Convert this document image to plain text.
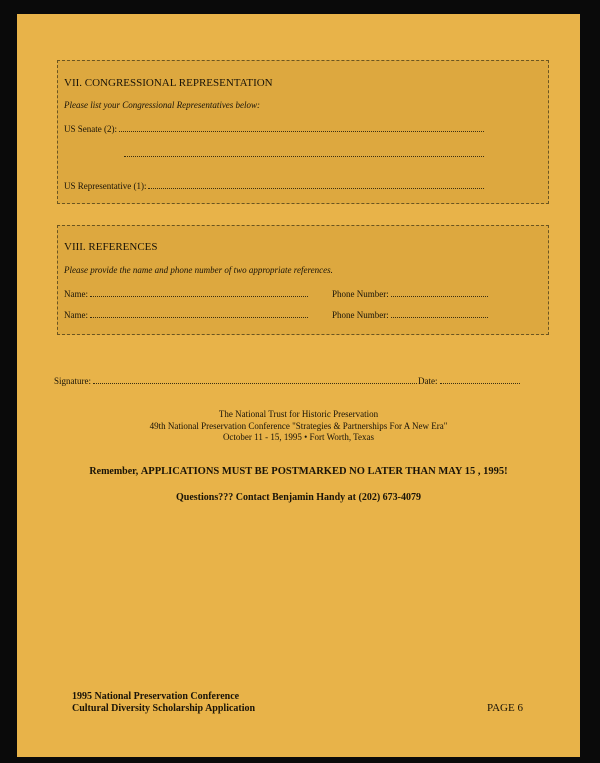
VII. CONGRESSIONAL REPRESENTATION
Please list your Congressional Representatives below:
US Senate (2):
US Representative (1):
VIII. REFERENCES
Please provide the name and phone number of two appropriate references.
Name:	Phone Number:
Name:	Phone Number:
Signature:	Date:
The National Trust for Historic Preservation
49th National Preservation Conference "Strategies & Partnerships For A New Era"
October 11 - 15, 1995 • Fort Worth, Texas
Remember, APPLICATIONS MUST BE POSTMARKED NO LATER THAN MAY 15 , 1995!
Questions??? Contact Benjamin Handy at (202) 673-4079
1995 National Preservation Conference
Cultural Diversity Scholarship Application	PAGE 6
